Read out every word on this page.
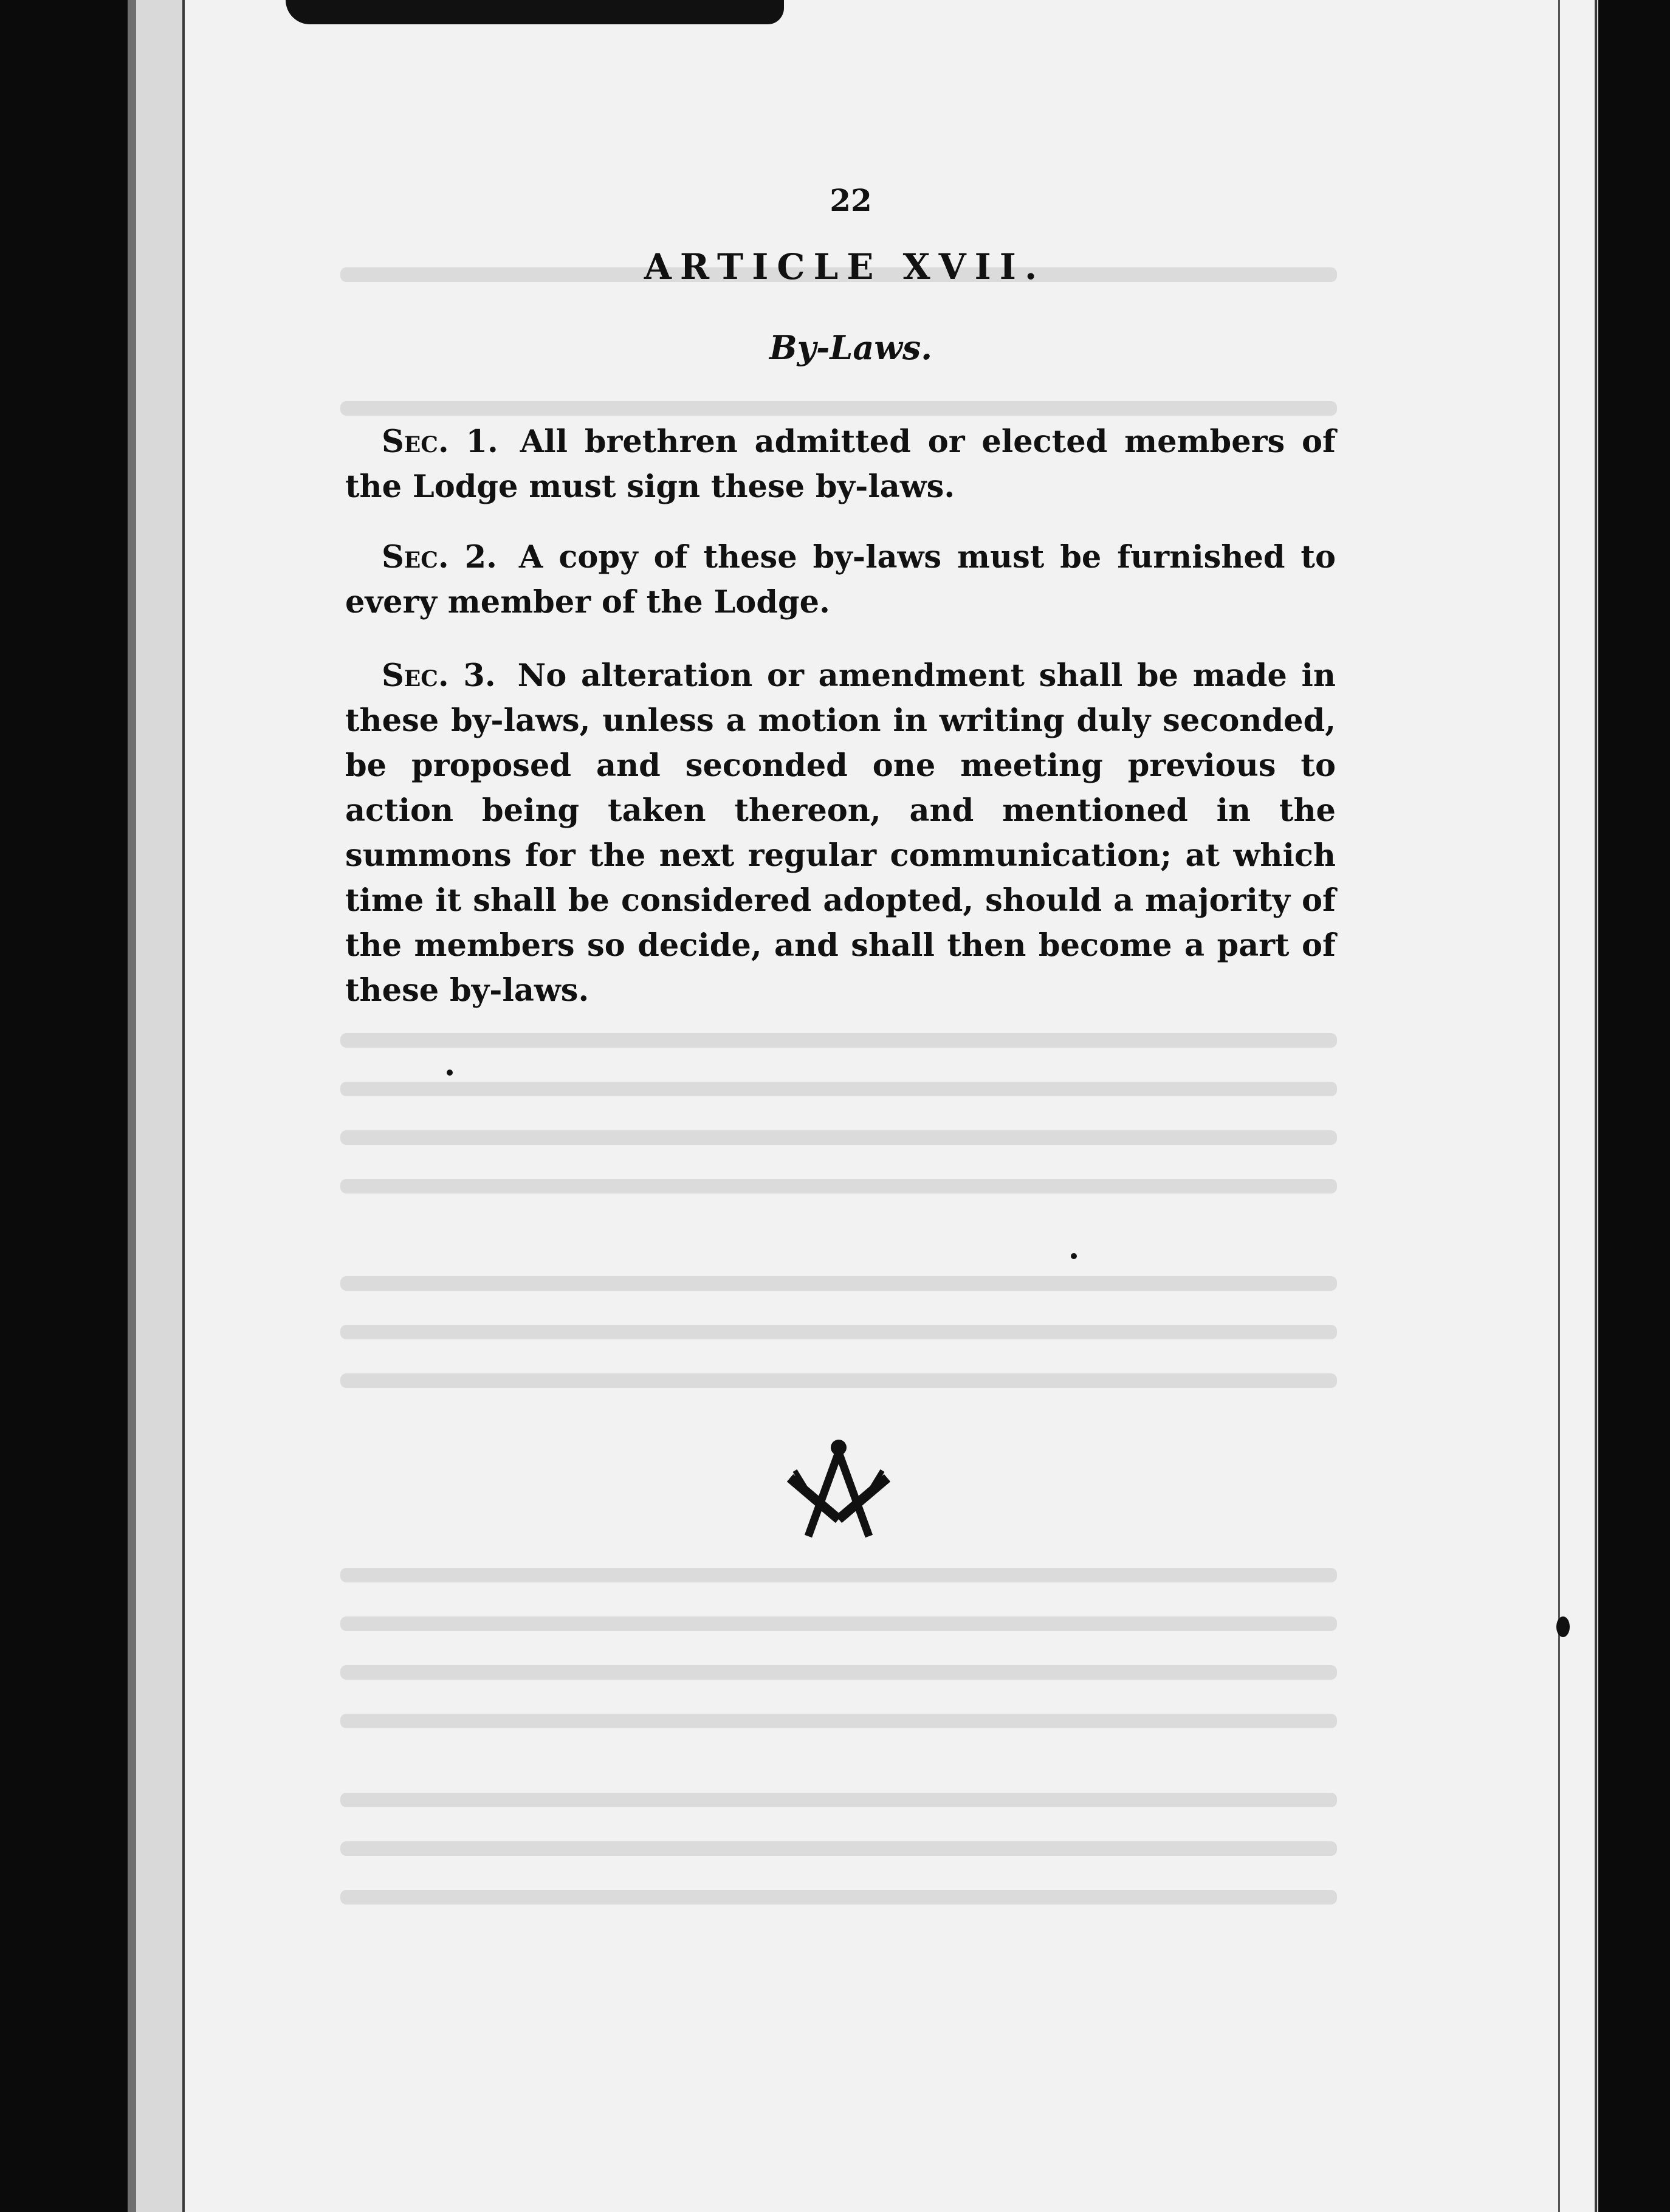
22
ARTICLE XVII.
By-Laws.
Sec. 1. All brethren admitted or elected members of the Lodge must sign these by-laws.
Sec. 2. A copy of these by-laws must be furnished to every member of the Lodge.
Sec. 3. No alteration or amendment shall be made in these by-laws, unless a motion in writing duly seconded, be proposed and seconded one meeting previous to action being taken thereon, and mentioned in the summons for the next regular communication; at which time it shall be considered adopted, should a majority of the members so decide, and shall then become a part of these by-laws.
